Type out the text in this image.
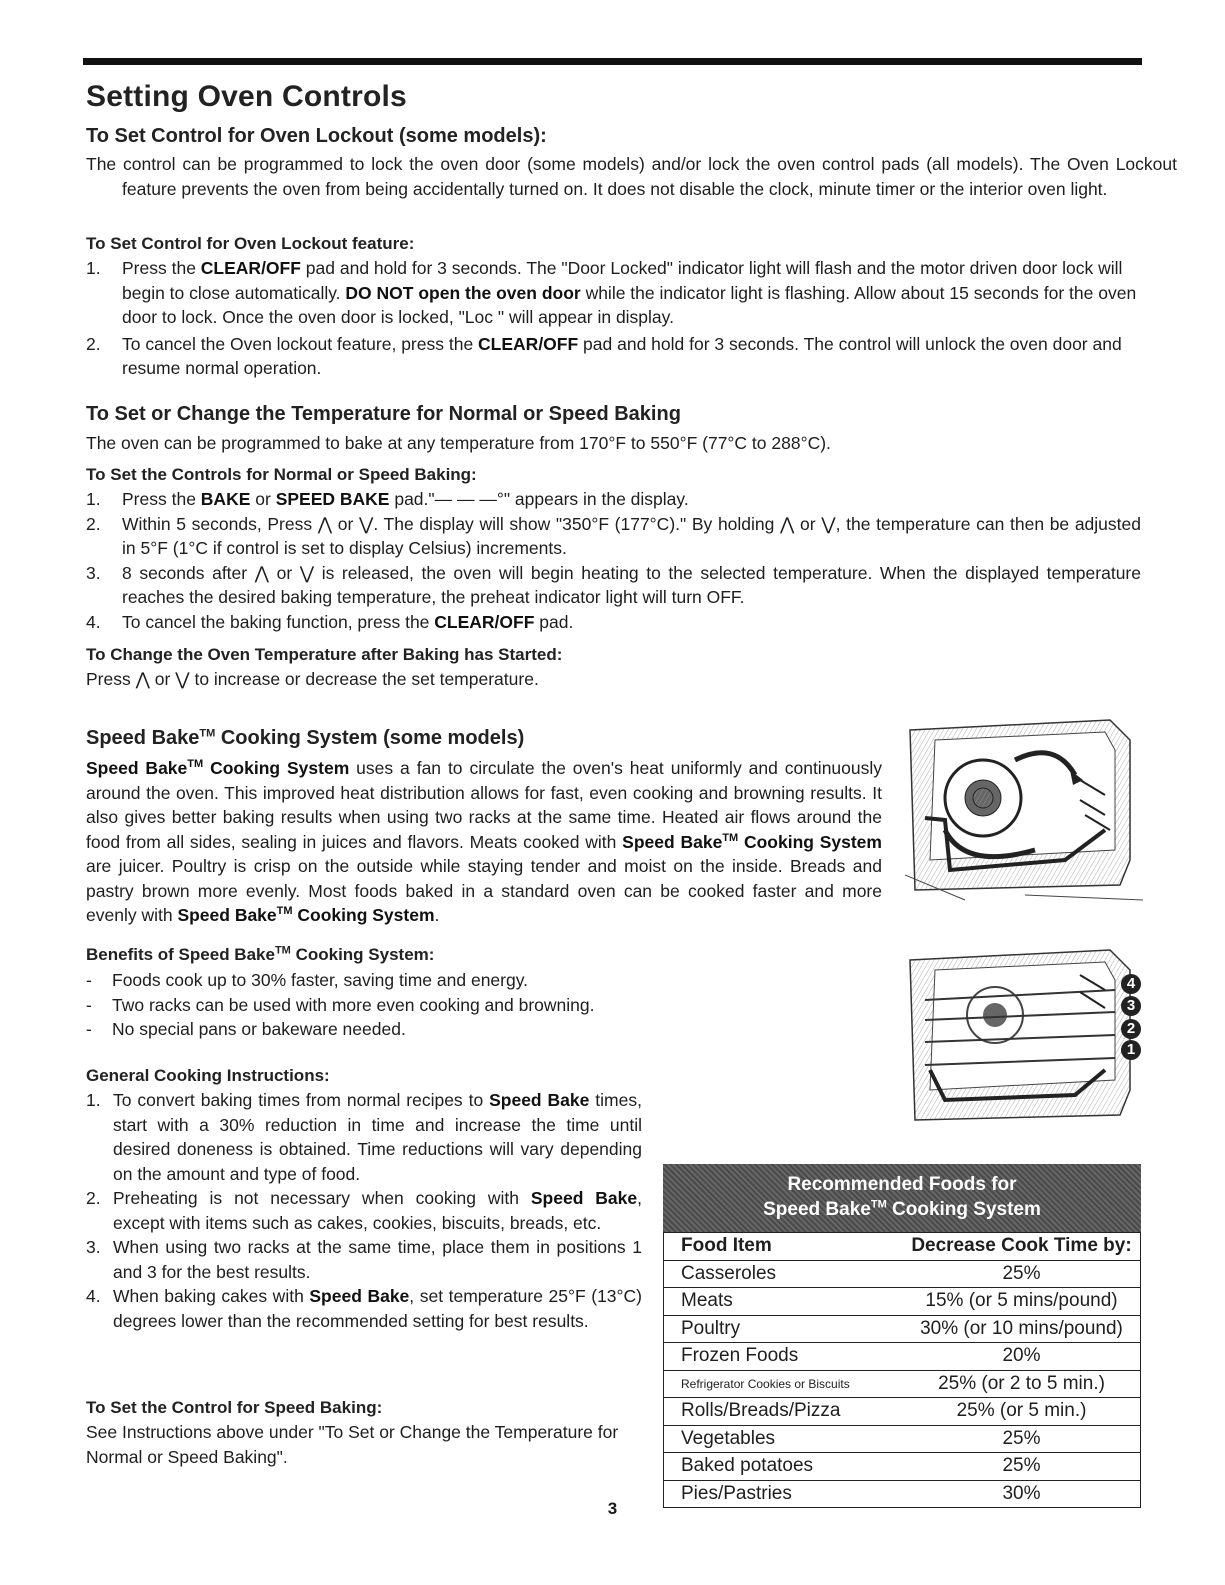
Setting Oven Controls
To Set Control for Oven Lockout (some models):
The control can be programmed to lock the oven door (some models) and/or lock the oven control pads (all models). The Oven Lockout feature prevents the oven from being accidentally turned on. It does not disable the clock, minute timer or the interior oven light.
To Set Control for Oven Lockout feature:
1.	Press the CLEAR/OFF pad and hold for 3 seconds. The "Door Locked" indicator light will flash and the motor driven door lock will begin to close automatically. DO NOT open the oven door while the indicator light is flashing. Allow about 15 seconds for the oven door to lock. Once the oven door is locked, "Loc " will appear in display.
2.	To cancel the Oven lockout feature, press the CLEAR/OFF pad and hold for 3 seconds. The control will unlock the oven door and resume normal operation.
To Set or Change the Temperature for Normal or Speed Baking
The oven can be programmed to bake at any temperature from 170°F to 550°F (77°C to 288°C).
To Set the Controls for Normal or Speed Baking:
1.	Press the BAKE or SPEED BAKE pad."— — —°" appears in the display.
2.	Within 5 seconds, Press ⋀ or ⋁. The display will show "350°F (177°C)." By holding ⋀ or ⋁, the temperature can then be adjusted in 5°F (1°C if control is set to display Celsius) increments.
3.	8 seconds after ⋀ or ⋁ is released, the oven will begin heating to the selected temperature. When the displayed temperature reaches the desired baking temperature, the preheat indicator light will turn OFF.
4.	To cancel the baking function, press the CLEAR/OFF pad.
To Change the Oven Temperature after Baking has Started:
Press ⋀ or ⋁ to increase or decrease the set temperature.
Speed Bake™ Cooking System (some models)
Speed Bake™ Cooking System uses a fan to circulate the oven's heat uniformly and continuously around the oven. This improved heat distribution allows for fast, even cooking and browning results. It also gives better baking results when using two racks at the same time. Heated air flows around the food from all sides, sealing in juices and flavors. Meats cooked with Speed Bake™ Cooking System are juicer. Poultry is crisp on the outside while staying tender and moist on the inside. Breads and pastry brown more evenly. Most foods baked in a standard oven can be cooked faster and more evenly with Speed Bake™ Cooking System.
Benefits of Speed Bake™ Cooking System:
-	Foods cook up to 30% faster, saving time and energy.
-	Two racks can be used with more even cooking and browning.
-	No special pans or bakeware needed.
General Cooking Instructions:
1. To convert baking times from normal recipes to Speed Bake times, start with a 30% reduction in time and increase the time until desired doneness is obtained. Time reductions will vary depending on the amount and type of food.
2. Preheating is not necessary when cooking with Speed Bake, except with items such as cakes, cookies, biscuits, breads, etc.
3. When using two racks at the same time, place them in positions 1 and 3 for the best results.
4. When baking cakes with Speed Bake, set temperature 25°F (13°C) degrees lower than the recommended setting for best results.
To Set the Control for Speed Baking:
See Instructions above under "To Set or Change the Temperature for Normal or Speed Baking".
4
3
2
1
Recommended Foods for
Speed Bake™ Cooking System
Food Item	Decrease Cook Time by:
Casseroles	25%
Meats	15% (or 5 mins/pound)
Poultry	30% (or 10 mins/pound)
Frozen Foods	20%
Refrigerator Cookies or Biscuits	25% (or 2 to 5 min.)
Rolls/Breads/Pizza	25% (or 5 min.)
Vegetables	25%
Baked potatoes	25%
Pies/Pastries	30%
3
